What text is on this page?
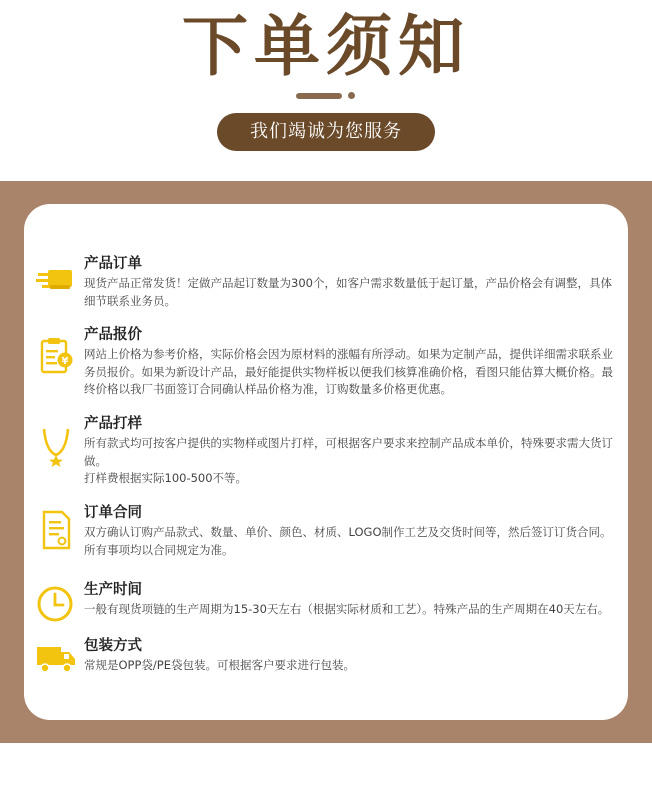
下单须知
我们竭诚为您服务
产品订单

现货产品正常发货！定做产品起订数量为300个，如客户需求数量低于起订量，产品价格会有调整，具体细节联系业务员。

¥
产品报价

网站上价格为参考价格，实际价格会因为原材料的涨幅有所浮动。如果为定制产品，提供详细需求联系业务员报价。如果为新设计产品，最好能提供实物样板以便我们核算准确价格，看图只能估算大概价格。最终价格以我厂书面签订合同确认样品价格为准，订购数量多价格更优惠。

产品打样

所有款式均可按客户提供的实物样或图片打样，可根据客户要求来控制产品成本单价，特殊要求需大货订做。

打样费根据实际100-500不等。

订单合同

双方确认订购产品款式、数量、单价、颜色、材质、LOGO制作工艺及交货时间等，然后签订订货合同。所有事项均以合同规定为准。

生产时间

一般有现货项链的生产周期为15-30天左右（根据实际材质和工艺）。特殊产品的生产周期在40天左右。

包装方式

常规是OPP袋/PE袋包装。可根据客户要求进行包装。
